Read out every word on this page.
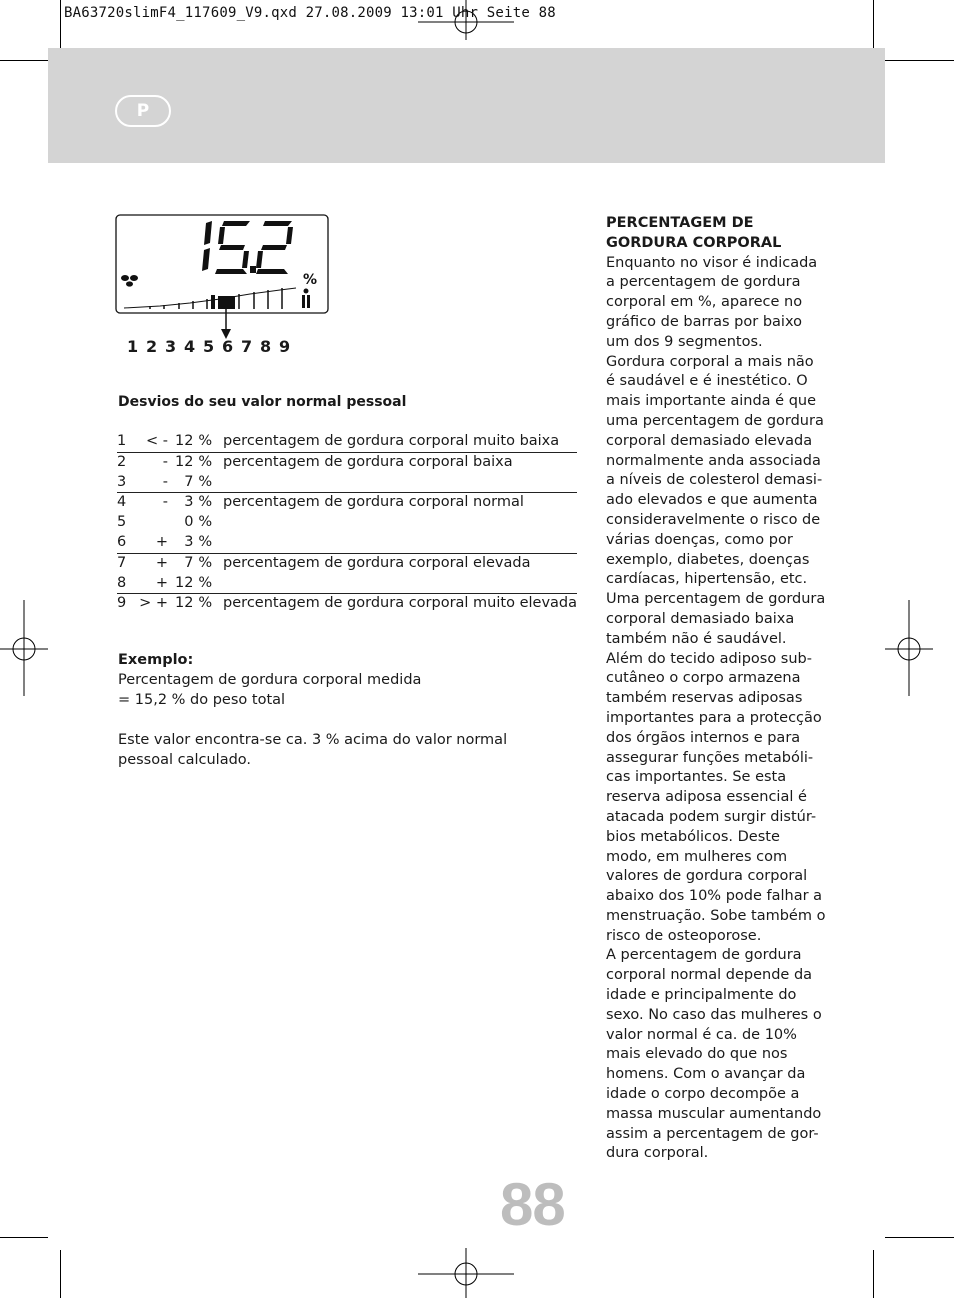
BA63720slimF4_117609_V9.qxd 27.08.2009 13:01 Uhr Seite 88
P
%
1 2 3 4 5 6 7 8 9
Desvios do seu valor normal pessoal
1	< -	12	%	percentagem de gordura corporal muito baixa
2	-	12	%	percentagem de gordura corporal baixa
3	-	7	%	
4	-	3	%	percentagem de gordura corporal normal
5		0	%	
6	+	3	%	
7	+	7	%	percentagem de gordura corporal elevada
8	+	12	%	
9	> +	12	%	percentagem de gordura corporal muito elevada
Exemplo:
Percentagem de gordura corporal medida
= 15,2 % do peso total
Este valor encontra-se ca. 3 % acima do valor normal
pessoal calculado.
PERCENTAGEM DE
GORDURA CORPORAL
Enquanto no visor é indicada
a percentagem de gordura
corporal em %, aparece no
gráfico de barras por baixo
um dos 9 segmentos.
Gordura corporal a mais não
é saudável e é inestético. O
mais importante ainda é que
uma percentagem de gordura
corporal demasiado elevada
normalmente anda associada
a níveis de colesterol demasi-
ado elevados e que aumenta
consideravelmente o risco de
várias doenças, como por
exemplo, diabetes, doenças
cardíacas, hipertensão, etc.
Uma percentagem de gordura
corporal demasiado baixa
também não é saudável.
Além do tecido adiposo sub-
cutâneo o corpo armazena
também reservas adiposas
importantes para a protecção
dos órgãos internos e para
assegurar funções metabóli-
cas importantes. Se esta
reserva adiposa essencial é
atacada podem surgir distúr-
bios metabólicos. Deste
modo, em mulheres com
valores de gordura corporal
abaixo dos 10% pode falhar a
menstruação. Sobe também o
risco de osteoporose.
A percentagem de gordura
corporal normal depende da
idade e principalmente do
sexo. No caso das mulheres o
valor normal é ca. de 10%
mais elevado do que nos
homens. Com o avançar da
idade o corpo decompõe a
massa muscular aumentando
assim a percentagem de gor-
dura corporal.
88
